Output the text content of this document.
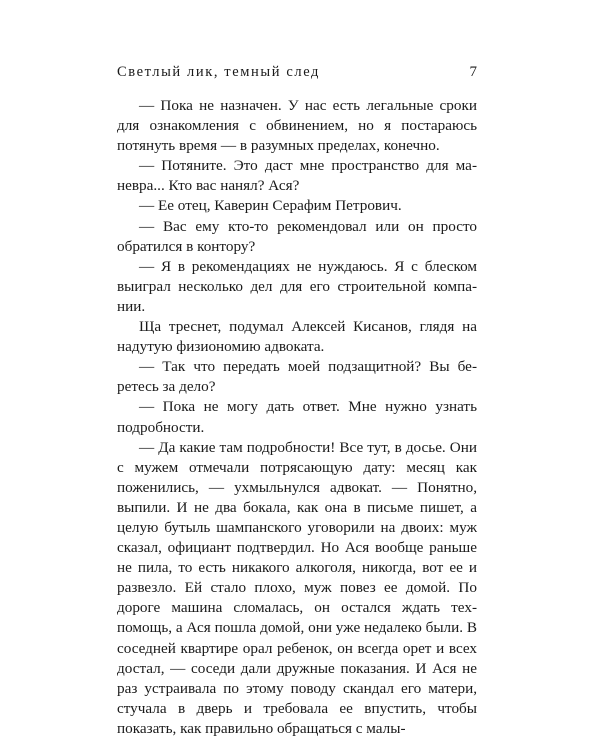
Светлый лик, темный след	7

— Пока не назначен. У нас есть легальные сроки для ознакомления с обвинением, но я постараюсь потянуть время — в разумных пределах, конечно.

— Потяните. Это даст мне пространство для маневра... Кто вас нанял? Ася?

— Ее отец, Каверин Серафим Петрович.

— Вас ему кто-то рекомендовал или он просто обратился в контору?

— Я в рекомендациях не нуждаюсь. Я с блеском выиграл несколько дел для его строительной компании.

Ща треснет, подумал Алексей Кисанов, глядя на надутую физиономию адвоката.

— Так что передать моей подзащитной? Вы беретесь за дело?

— Пока не могу дать ответ. Мне нужно узнать подробности.

— Да какие там подробности! Все тут, в досье. Они с мужем отмечали потрясающую дату: месяц как поженились, — ухмыльнулся адвокат. — Понятно, выпили. И не два бокала, как она в письме пишет, а целую бутыль шампанского уговорили на двоих: муж сказал, официант подтвердил. Но Ася вообще раньше не пила, то есть никакого алкоголя, никогда, вот ее и развезло. Ей стало плохо, муж повез ее домой. По дороге машина сломалась, он остался ждать техпомощь, а Ася пошла домой, они уже недалеко были. В соседней квартире орал ребенок, он всегда орет и всех достал, — соседи дали дружные показания. И Ася не раз устраивала по этому поводу скандал его матери, стучала в дверь и требовала ее впустить, чтобы показать, как правильно обращаться с малы-
